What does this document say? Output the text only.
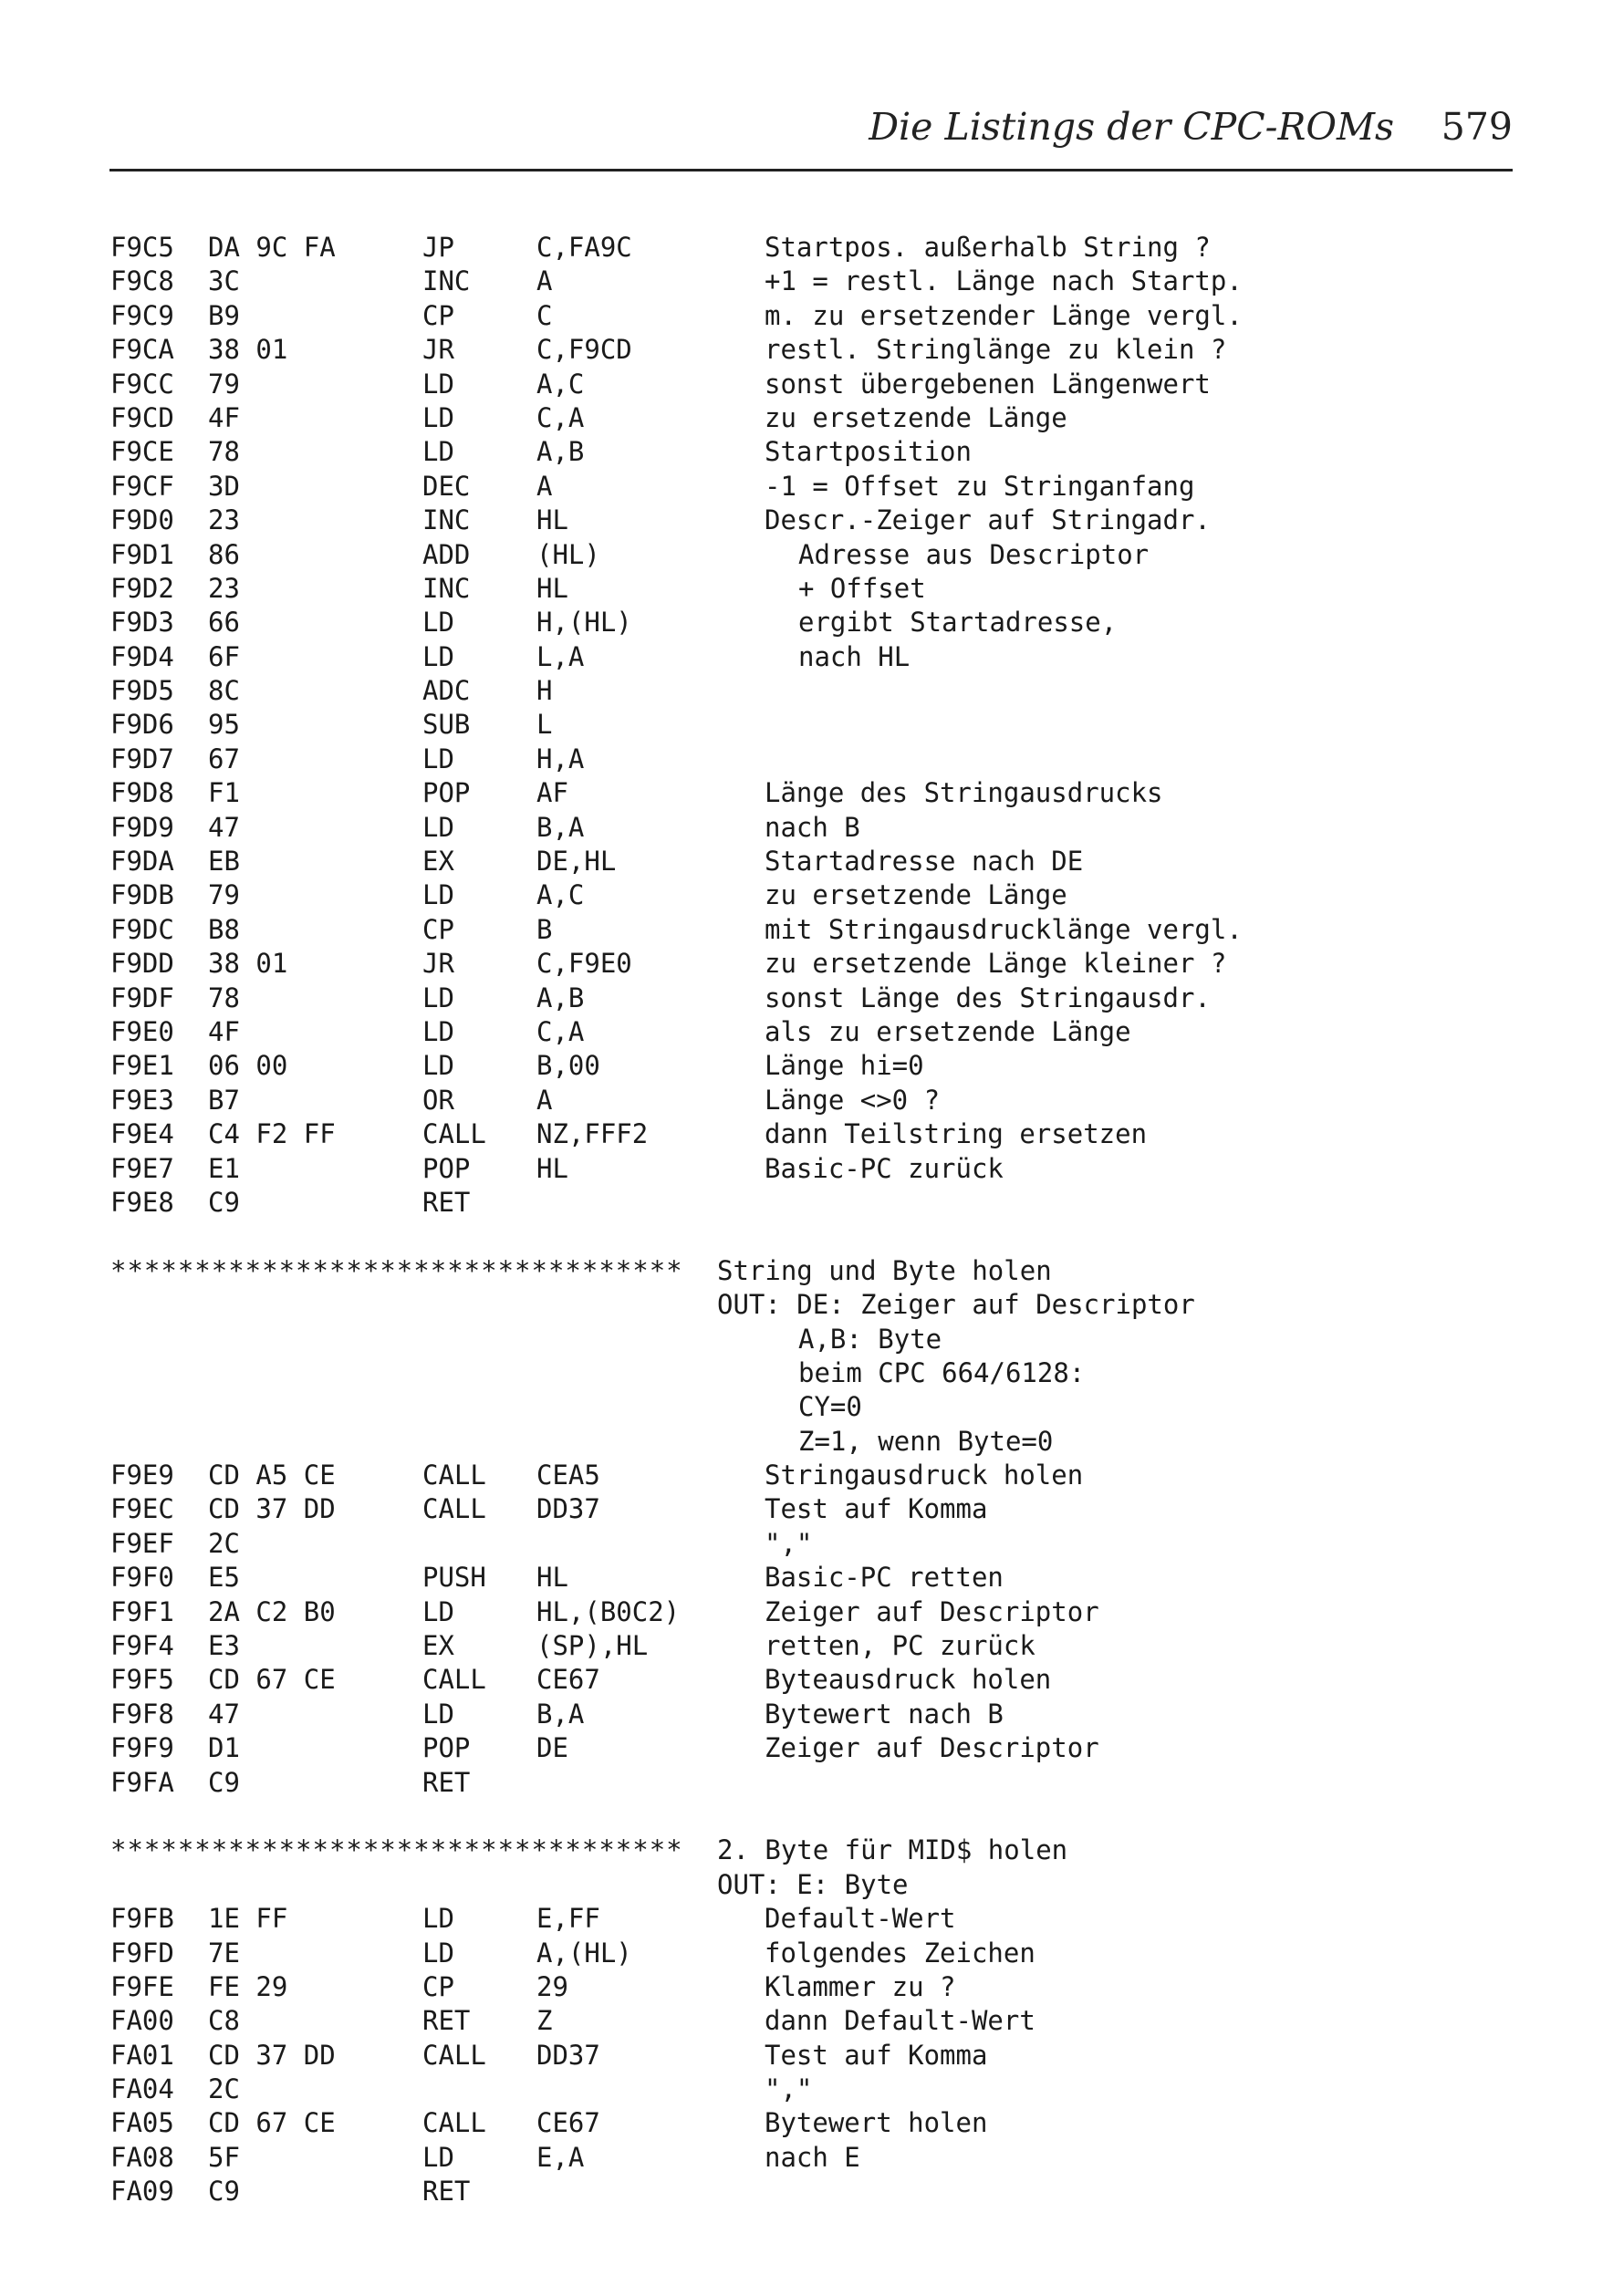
Die Listings der CPC-ROMs 579
F9C5 DA 9C FA	JP	C,FA9C	Startpos. außerhalb String ?
F9C8 3C	INC	A	+1 = restl. Länge nach Startp.
F9C9 B9	CP	C	m. zu ersetzender Länge vergl.
F9CA 38 01	JR	C,F9CD	restl. Stringlänge zu klein ?
F9CC 79	LD	A,C	sonst übergebenen Längenwert
F9CD 4F	LD	C,A	zu ersetzende Länge
F9CE 78	LD	A,B	Startposition
F9CF 3D	DEC	A	-1 = Offset zu Stringanfang
F9D0 23	INC	HL	Descr.-Zeiger auf Stringadr.
F9D1 86	ADD	(HL)	Adresse aus Descriptor
F9D2 23	INC	HL	+ Offset
F9D3 66	LD	H,(HL)	ergibt Startadresse,
F9D4 6F	LD	L,A	nach HL
F9D5 8C	ADC	H
F9D6 95	SUB	L
F9D7 67	LD	H,A
F9D8 F1	POP	AF	Länge des Stringausdrucks
F9D9 47	LD	B,A	nach B
F9DA EB	EX	DE,HL	Startadresse nach DE
F9DB 79	LD	A,C	zu ersetzende Länge
F9DC B8	CP	B	mit Stringausdrucklänge vergl.
F9DD 38 01	JR	C,F9E0	zu ersetzende Länge kleiner ?
F9DF 78	LD	A,B	sonst Länge des Stringausdr.
F9E0 4F	LD	C,A	als zu ersetzende Länge
F9E1 06 00	LD	B,00	Länge hi=0
F9E3 B7	OR	A	Länge <>0 ?
F9E4 C4 F2 FF	CALL NZ,FFF2	dann Teilstring ersetzen
F9E7 E1	POP	HL	Basic-PC zurück
F9E8 C9	RET
********************************** String und Byte holen
OUT: DE: Zeiger auf Descriptor
A,B: Byte
beim CPC 664/6128:
CY=0
Z=1, wenn Byte=0
F9E9 CD A5 CE	CALL CEA5	Stringausdruck holen
F9EC CD 37 DD	CALL DD37	Test auf Komma
F9EF 2C	","
F9F0 E5	PUSH HL	Basic-PC retten
F9F1 2A C2 B0	LD	HL,(B0C2)	Zeiger auf Descriptor
F9F4 E3	EX	(SP),HL	retten, PC zurück
F9F5 CD 67 CE	CALL CE67	Byteausdruck holen
F9F8 47	LD	B,A	Bytewert nach B
F9F9 D1	POP	DE	Zeiger auf Descriptor
F9FA C9	RET
********************************** 2. Byte für MID$ holen
OUT: E: Byte
F9FB 1E FF	LD	E,FF	Default-Wert
F9FD 7E	LD	A,(HL)	folgendes Zeichen
F9FE FE 29	CP	29	Klammer zu ?
FA00 C8	RET	Z	dann Default-Wert
FA01 CD 37 DD	CALL DD37	Test auf Komma
FA04 2C	","
FA05 CD 67 CE	CALL CE67	Bytewert holen
FA08 5F	LD	E,A	nach E
FA09 C9	RET
